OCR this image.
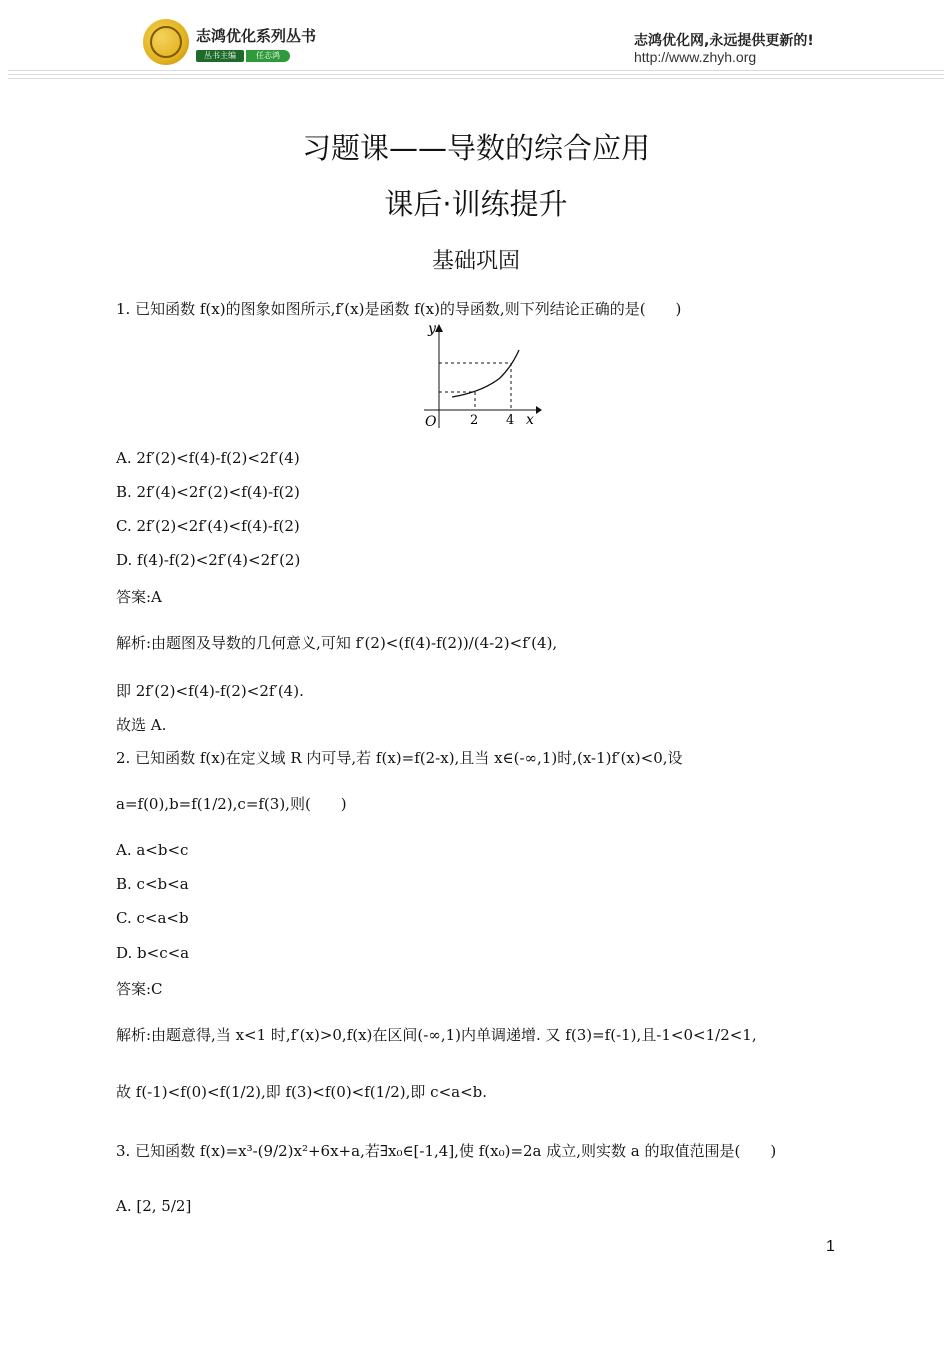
志鸿优化系列丛书
丛书主编	任志鸿
志鸿优化网,永远提供更新的!
http://www.zhyh.org
习题课——导数的综合应用
课后·训练提升
基础巩固
1. 已知函数 f(x)的图象如图所示,f′(x)是函数 f(x)的导函数,则下列结论正确的是(　　)
y
x
O	2 4
A. 2f′(2)<f(4)-f(2)<2f′(4)
B. 2f′(4)<2f′(2)<f(4)-f(2)
C. 2f′(2)<2f′(4)<f(4)-f(2)
D. f(4)-f(2)<2f′(4)<2f′(2)
答案:A
解析:由题图及导数的几何意义,可知 f′(2)<(f(4)-f(2))/(4-2)<f′(4),
即 2f′(2)<f(4)-f(2)<2f′(4).
故选 A.
2. 已知函数 f(x)在定义域 R 内可导,若 f(x)=f(2-x),且当 x∈(-∞,1)时,(x-1)f′(x)<0,设
a=f(0),b=f(1/2),c=f(3),则(　　)
A. a<b<c
B. c<b<a
C. c<a<b
D. b<c<a
答案:C
解析:由题意得,当 x<1 时,f′(x)>0,f(x)在区间(-∞,1)内单调递增. 又 f(3)=f(-1),且-1<0<1/2<1,
故 f(-1)<f(0)<f(1/2),即 f(3)<f(0)<f(1/2),即 c<a<b.
3. 已知函数 f(x)=x³-(9/2)x²+6x+a,若∃x₀∈[-1,4],使 f(x₀)=2a 成立,则实数 a 的取值范围是(　　)
A. [2, 5/2]
1
